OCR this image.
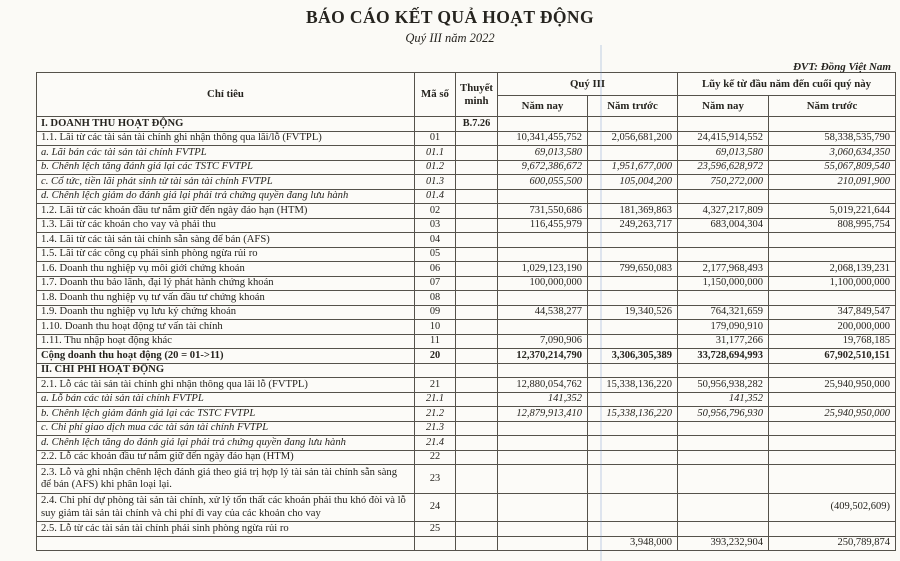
BÁO CÁO KẾT QUẢ HOẠT ĐỘNG
Quý III năm 2022
ĐVT: Đồng Việt Nam
Chỉ tiêu	Mã số	Thuyết minh	Quý III		Lũy kế từ đầu năm đến cuối quý này	
			Năm nay	Năm trước	Năm nay	Năm trước
I. DOANH THU HOẠT ĐỘNG		B.7.26				
1.1. Lãi từ các tài sản tài chính ghi nhận thông qua lãi/lỗ (FVTPL)	01		10,341,455,752	2,056,681,200	24,415,914,552	58,338,535,790
a. Lãi bán các tài sản tài chính FVTPL	01.1		69,013,580		69,013,580	3,060,634,350
b. Chênh lệch tăng đánh giá lại các TSTC FVTPL	01.2		9,672,386,672	1,951,677,000	23,596,628,972	55,067,809,540
c. Cổ tức, tiền lãi phát sinh từ tài sản tài chính FVTPL	01.3		600,055,500	105,004,200	750,272,000	210,091,900
d. Chênh lệch giảm do đánh giá lại phải trả chứng quyền đang lưu hành	01.4					
1.2. Lãi từ các khoản đầu tư nắm giữ đến ngày đáo hạn (HTM)	02		731,550,686	181,369,863	4,327,217,809	5,019,221,644
1.3. Lãi từ các khoản cho vay và phải thu	03		116,455,979	249,263,717	683,004,304	808,995,754
1.4. Lãi từ các tài sản tài chính sẵn sàng để bán (AFS)	04					
1.5. Lãi từ các công cụ phái sinh phòng ngừa rủi ro	05					
1.6. Doanh thu nghiệp vụ môi giới chứng khoán	06		1,029,123,190	799,650,083	2,177,968,493	2,068,139,231
1.7. Doanh thu bảo lãnh, đại lý phát hành chứng khoán	07		100,000,000		1,150,000,000	1,100,000,000
1.8. Doanh thu nghiệp vụ tư vấn đầu tư chứng khoán	08					
1.9. Doanh thu nghiệp vụ lưu ký chứng khoán	09		44,538,277	19,340,526	764,321,659	347,849,547
1.10. Doanh thu hoạt động tư vấn tài chính	10				179,090,910	200,000,000
1.11. Thu nhập hoạt động khác	11		7,090,906		31,177,266	19,768,185
Cộng doanh thu hoạt động (20 = 01->11)	20		12,370,214,790	3,306,305,389	33,728,694,993	67,902,510,151
II. CHI PHÍ HOẠT ĐỘNG						
2.1. Lỗ các tài sản tài chính ghi nhận thông qua lãi lỗ (FVTPL)	21		12,880,054,762	15,338,136,220	50,956,938,282	25,940,950,000
a. Lỗ bán các tài sản tài chính FVTPL	21.1		141,352		141,352	
b. Chênh lệch giảm đánh giá lại các TSTC FVTPL	21.2		12,879,913,410	15,338,136,220	50,956,796,930	25,940,950,000
c. Chi phí giao dịch mua các tài sản tài chính FVTPL	21.3					
d. Chênh lệch tăng do đánh giá lại phải trả chứng quyền đang lưu hành	21.4					
2.2. Lỗ các khoản đầu tư nắm giữ đến ngày đáo hạn (HTM)	22					
2.3. Lỗ và ghi nhận chênh lệch đánh giá theo giá trị hợp lý tài sản tài chính sẵn sàng để bán (AFS) khi phân loại lại.	23					
2.4. Chi phí dự phòng tài sản tài chính, xử lý tổn thất các khoản phải thu khó đòi và lỗ suy giảm tài sản tài chính và chi phí đi vay của các khoản cho vay	24					(409,502,609)
2.5. Lỗ từ các tài sản tài chính phái sinh phòng ngừa rủi ro	25					
				3,948,000	393,232,904	250,789,874
